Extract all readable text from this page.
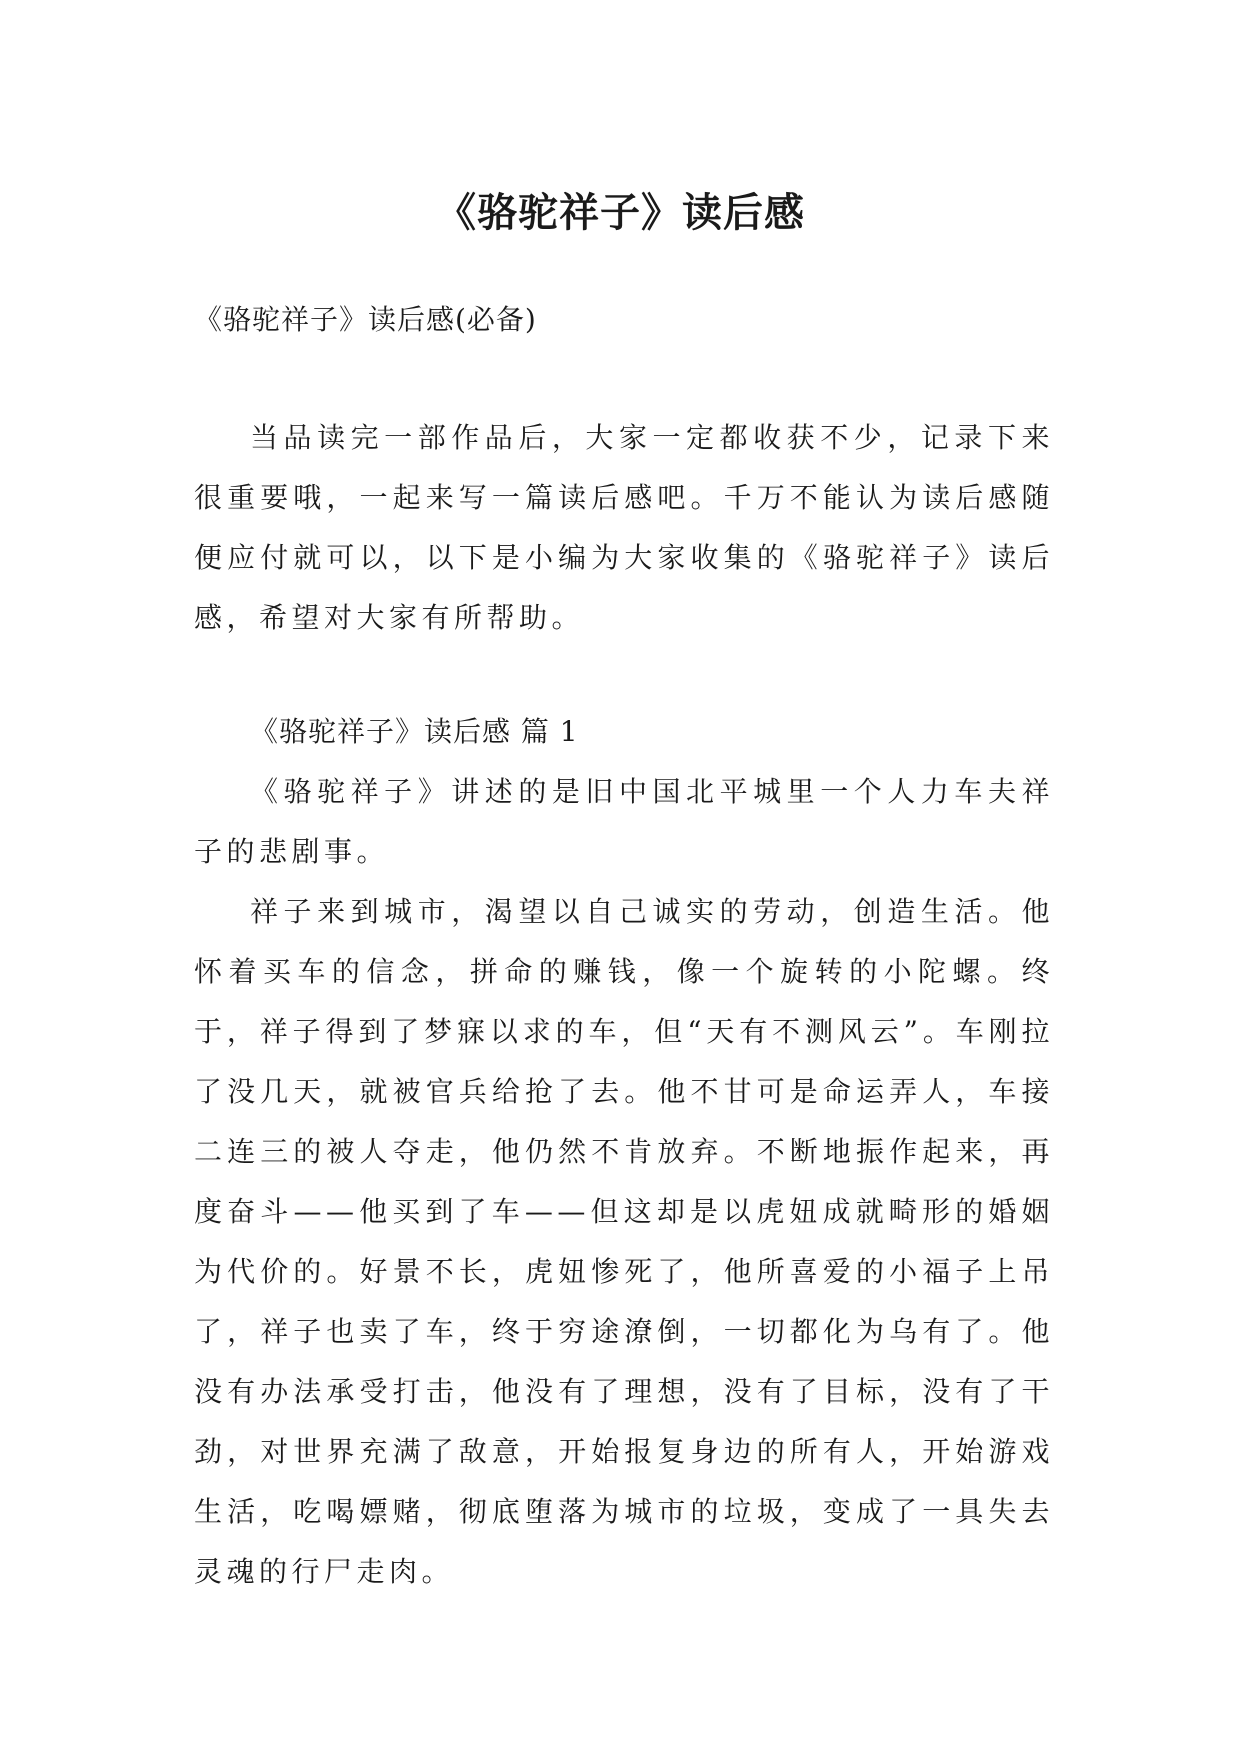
《骆驼祥子》读后感
《骆驼祥子》读后感(必备)

当品读完一部作品后，大家一定都收获不少，记录下来很重要哦，一起来写一篇读后感吧。千万不能认为读后感随便应付就可以，以下是小编为大家收集的《骆驼祥子》读后感，希望对大家有所帮助。

《骆驼祥子》读后感 篇 1

《骆驼祥子》讲述的是旧中国北平城里一个人力车夫祥子的悲剧事。

祥子来到城市，渴望以自己诚实的劳动，创造生活。他怀着买车的信念，拼命的赚钱，像一个旋转的小陀螺。终于，祥子得到了梦寐以求的车，但“天有不测风云”。车刚拉了没几天，就被官兵给抢了去。他不甘可是命运弄人，车接二连三的被人夺走，他仍然不肯放弃。不断地振作起来，再度奋斗——他买到了车——但这却是以虎妞成就畸形的婚姻为代价的。好景不长，虎妞惨死了，他所喜爱的小福子上吊了，祥子也卖了车，终于穷途潦倒，一切都化为乌有了。他没有办法承受打击，他没有了理想，没有了目标，没有了干劲，对世界充满了敌意，开始报复身边的所有人，开始游戏生活，吃喝嫖赌，彻底堕落为城市的垃圾，变成了一具失去灵魂的行尸走肉。
